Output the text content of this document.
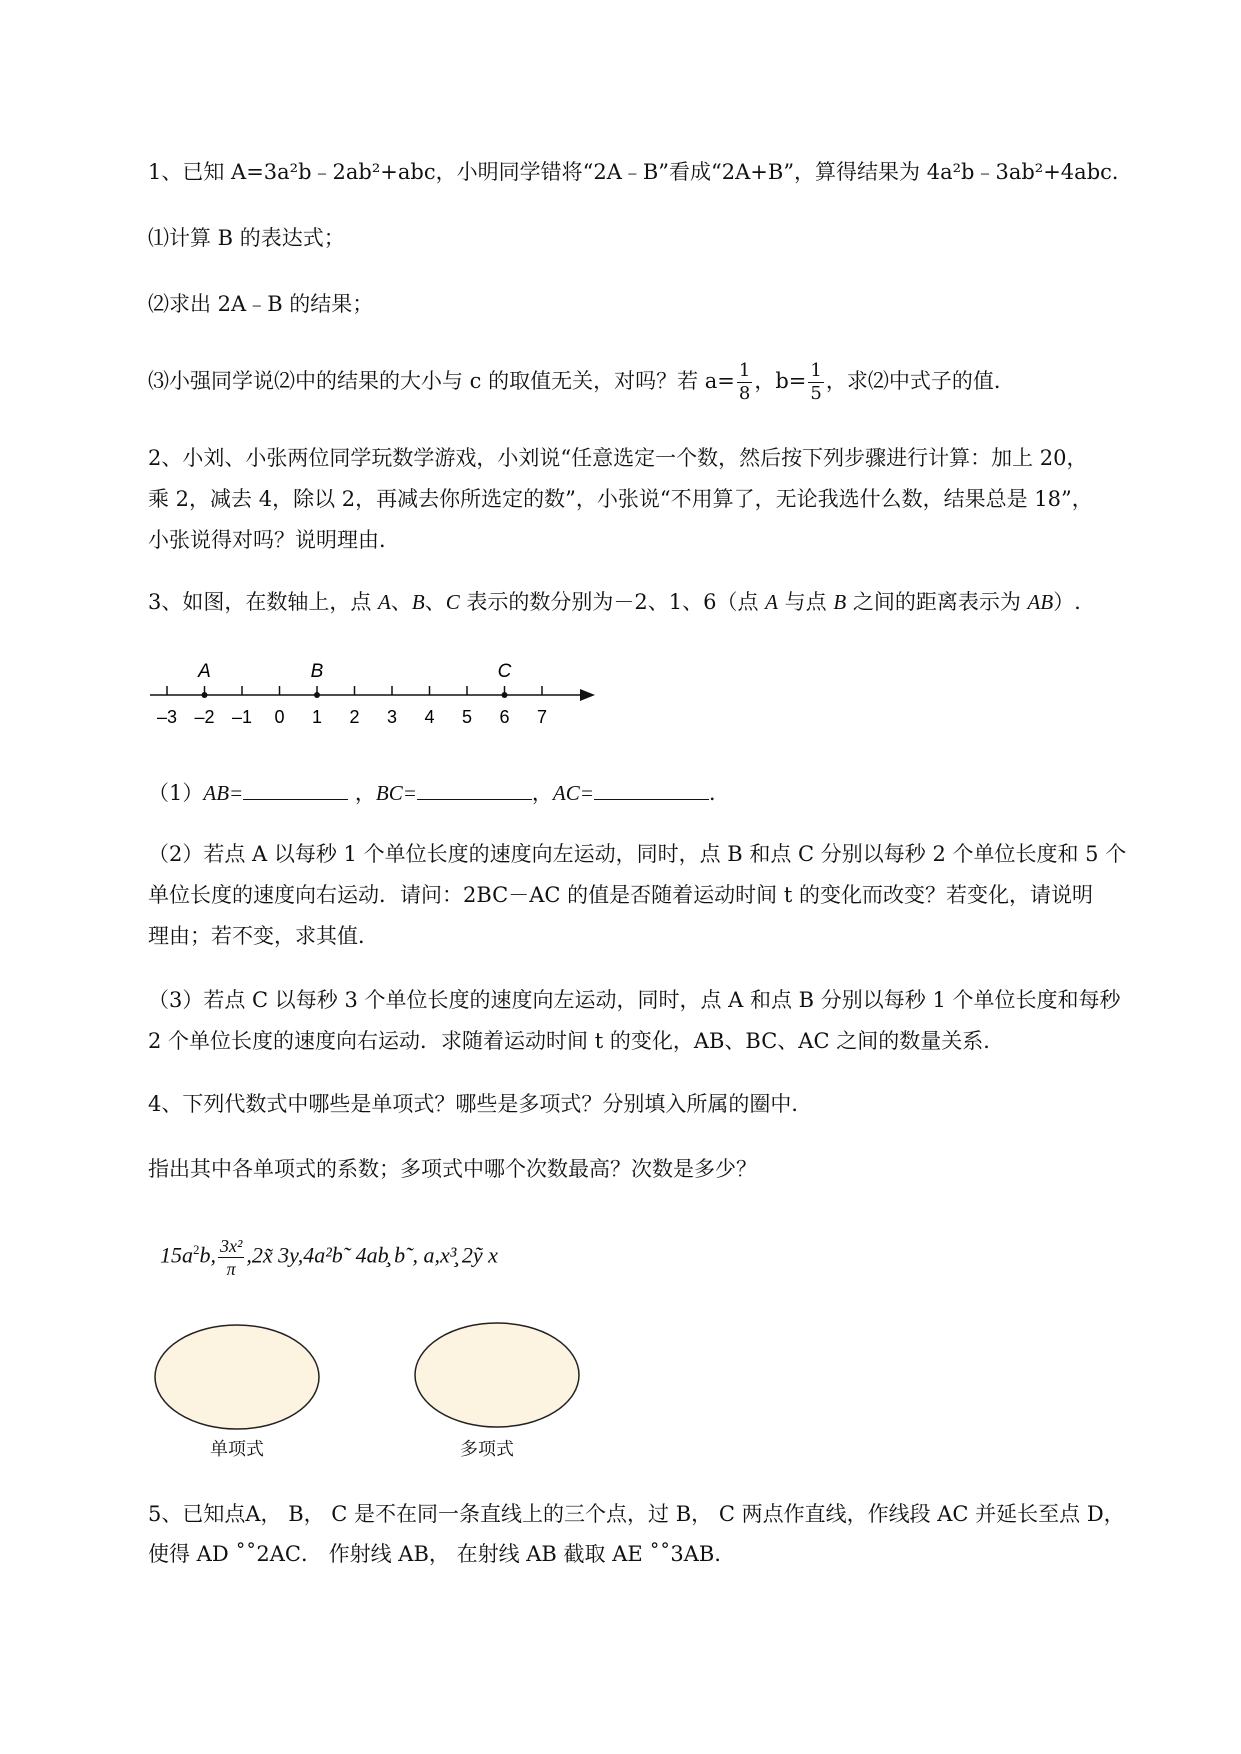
1、已知 A=3a²b﹣2ab²+abc，小明同学错将“2A﹣B”看成“2A+B”，算得结果为 4a²b﹣3ab²+4abc．
⑴计算 B 的表达式；
⑵求出 2A﹣B 的结果；
⑶小强同学说⑵中的结果的大小与 c 的取值无关，对吗？若 $a= \frac{1}{8}$ ，$b= \frac{1}{5}$ ，求⑵中式子的值．
2、小刘、小张两位同学玩数学游戏，小刘说“任意选定一个数，然后按下列步骤进行计算：加上 20，
乘 2，减去 4，除以 2，再减去你所选定的数”，小张说“不用算了，无论我选什么数，结果总是 18”，
小张说得对吗？说明理由．
3、如图，在数轴上，点 A、B、C 表示的数分别为－2、1、6（点 A 与点 B 之间的距离表示为 AB）.
–3 –2 –1 0 1 2 3 4 5 6 7
A	B	C
（1）AB=	，BC=	，AC=	.
（2）若点 A 以每秒 1 个单位长度的速度向左运动，同时，点 B 和点 C 分别以每秒 2 个单位长度和 5 个
单位长度的速度向右运动．请问：2BC－AC 的值是否随着运动时间 t 的变化而改变？若变化，请说明
理由；若不变，求其值．
（3）若点 C 以每秒 3 个单位长度的速度向左运动，同时，点 A 和点 B 分别以每秒 1 个单位长度和每秒
2 个单位长度的速度向右运动．求随着运动时间 t 的变化，AB、BC、AC 之间的数量关系．
4、下列代数式中哪些是单项式？哪些是多项式？分别填入所属的圈中．
指出其中各单项式的系数；多项式中哪个次数最高？次数是多少？
$15a^2b$, $\frac{\text{3x²}}{\pi}$ ,2x̃ 3y,4a²b˜ 4ab̧ b˜, a,x³̧ 2ỹ x
单项式	多项式
5、已知点A， B， C 是不在同一条直线上的三个点，过 B， C 两点作直线，作线段 AC 并延长至点 D，
使得 AD ˚˚2AC． 作射线 AB， 在射线 AB 截取 AE ˚˚3AB．
